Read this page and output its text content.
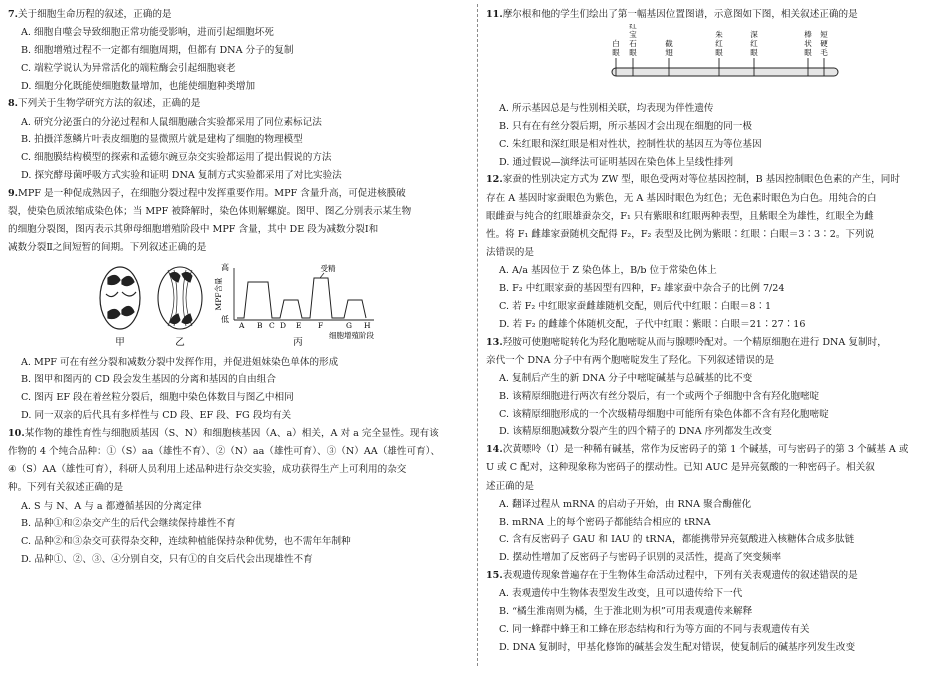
7.关于细胞生命历程的叙述，正确的是

A. 细胞自噬会导致细胞正常功能受影响，进而引起细胞坏死

B. 细胞增殖过程不一定都有细胞周期，但都有 DNA 分子的复制

C. 端粒学说认为异常活化的端粒酶会引起细胞衰老

D. 细胞分化既能使细胞数量增加，也能使细胞种类增加

8.下列关于生物学研究方法的叙述，正确的是

A. 研究分泌蛋白的分泌过程和人鼠细胞融合实验都采用了同位素标记法

B. 拍摄洋葱鳞片叶表皮细胞的显微照片就是建构了细胞的物理模型

C. 细胞膜结构模型的探索和孟德尔豌豆杂交实验都运用了提出假说的方法

D. 探究酵母菌呼吸方式实验和证明 DNA 复制方式实验都采用了对比实验法

9.MPF 是一种促成熟因子，在细胞分裂过程中发挥重要作用。MPF 含量升高，可促进核膜破
裂，使染色质浓缩成染色体；当 MPF 被降解时，染色体则解螺旋。图甲、图乙分别表示某生物
的细胞分裂图，图丙表示其卵母细胞增殖阶段中 MPF 含量，其中 DE 段为减数分裂Ⅰ和
减数分裂Ⅱ之间短暂的间期。下列叙述正确的是

甲	乙
高
低
MPF含量
受精
A B C D E F	G H
细胞增殖阶段
丙

A. MPF 可在有丝分裂和减数分裂中发挥作用，并促进姐妹染色单体的形成

B. 图甲和图丙的 CD 段会发生基因的分离和基因的自由组合

C. 图丙 EF 段在着丝粒分裂后，细胞中染色体数目与图乙中相同

D. 同一双亲的后代具有多样性与 CD 段、EF 段、FG 段均有关

10.某作物的雄性育性与细胞质基因（S、N）和细胞核基因（A、a）相关，A 对 a 完全显性。现有该
作物的 4 个纯合品种：①（S）aa（雄性不育）、②（N）aa（雄性可育）、③（N）AA（雄性可育）、
④（S）AA（雄性可育），科研人员利用上述品种进行杂交实验，成功获得生产上可利用的杂交
种。下列有关叙述正确的是

A. S 与 N、A 与 a 都遵循基因的分离定律

B. 品种①和②杂交产生的后代会继续保持雄性不育

C. 品种②和③杂交可获得杂交种，连续种植能保持杂种优势，也不需年年制种

D. 品种①、②、③、④分别自交，只有①的自交后代会出现雄性不育

11.摩尔根和他的学生们绘出了第一幅基因位置图谱，示意图如下图，相关叙述正确的是

白眼
红宝石眼
截翅
朱红眼
深红眼
棒状眼
短硬毛

A. 所示基因总是与性别相关联，均表现为伴性遗传

B. 只有在有丝分裂后期，所示基因才会出现在细胞的同一极

C. 朱红眼和深红眼是相对性状，控制性状的基因互为等位基因

D. 通过假说—演绎法可证明基因在染色体上呈线性排列

12.家蚕的性别决定方式为 ZW 型，眼色受两对等位基因控制，B 基因控制眼色色素的产生，同时
存在 A 基因时家蚕眼色为紫色，无 A 基因时眼色为红色；无色素时眼色为白色。用纯合的白
眼雌蚕与纯合的红眼雄蚕杂交，F₁ 只有紫眼和红眼两种表型，且紫眼全为雄性，红眼全为雌
性。将 F₁ 雌雄家蚕随机交配得 F₂，F₂ 表型及比例为紫眼∶红眼∶白眼＝3∶3∶2。下列说
法错误的是

A. A/a 基因位于 Z 染色体上，B/b 位于常染色体上

B. F₂ 中红眼家蚕的基因型有四种，F₂ 雄家蚕中杂合子的比例 7/24

C. 若 F₂ 中红眼家蚕雌雄随机交配，则后代中红眼∶白眼＝8∶1

D. 若 F₂ 的雌雄个体随机交配，子代中红眼∶紫眼∶白眼＝21∶27∶16

13.羟胺可使胞嘧啶转化为羟化胞嘧啶从而与腺嘌呤配对。一个精原细胞在进行 DNA 复制时，
亲代一个 DNA 分子中有两个胞嘧啶发生了羟化。下列叙述错误的是

A. 复制后产生的新 DNA 分子中嘧啶碱基与总碱基的比不变

B. 该精原细胞进行两次有丝分裂后，有一个或两个子细胞中含有羟化胞嘧啶

C. 该精原细胞形成的一个次级精母细胞中可能所有染色体都不含有羟化胞嘧啶

D. 该精原细胞减数分裂产生的四个精子的 DNA 序列都发生改变

14.次黄嘌呤（I）是一种稀有碱基，常作为反密码子的第 1 个碱基，可与密码子的第 3 个碱基 A 或
U 或 C 配对，这种现象称为密码子的摆动性。已知 AUC 是异亮氨酸的一种密码子。相关叙
述正确的是

A. 翻译过程从 mRNA 的启动子开始，由 RNA 聚合酶催化

B. mRNA 上的每个密码子都能结合相应的 tRNA

C. 含有反密码子 GAU 和 IAU 的 tRNA，都能携带异亮氨酸进入核糖体合成多肽链

D. 摆动性增加了反密码子与密码子识别的灵活性，提高了突变频率

15.表观遗传现象普遍存在于生物体生命活动过程中，下列有关表观遗传的叙述错误的是

A. 表观遗传中生物体表型发生改变，且可以遗传给下一代

B. “橘生淮南则为橘，生于淮北则为枳”可用表观遗传来解释

C. 同一蜂群中蜂王和工蜂在形态结构和行为等方面的不同与表观遗传有关

D. DNA 复制时，甲基化修饰的碱基会发生配对错误，使复制后的碱基序列发生改变
